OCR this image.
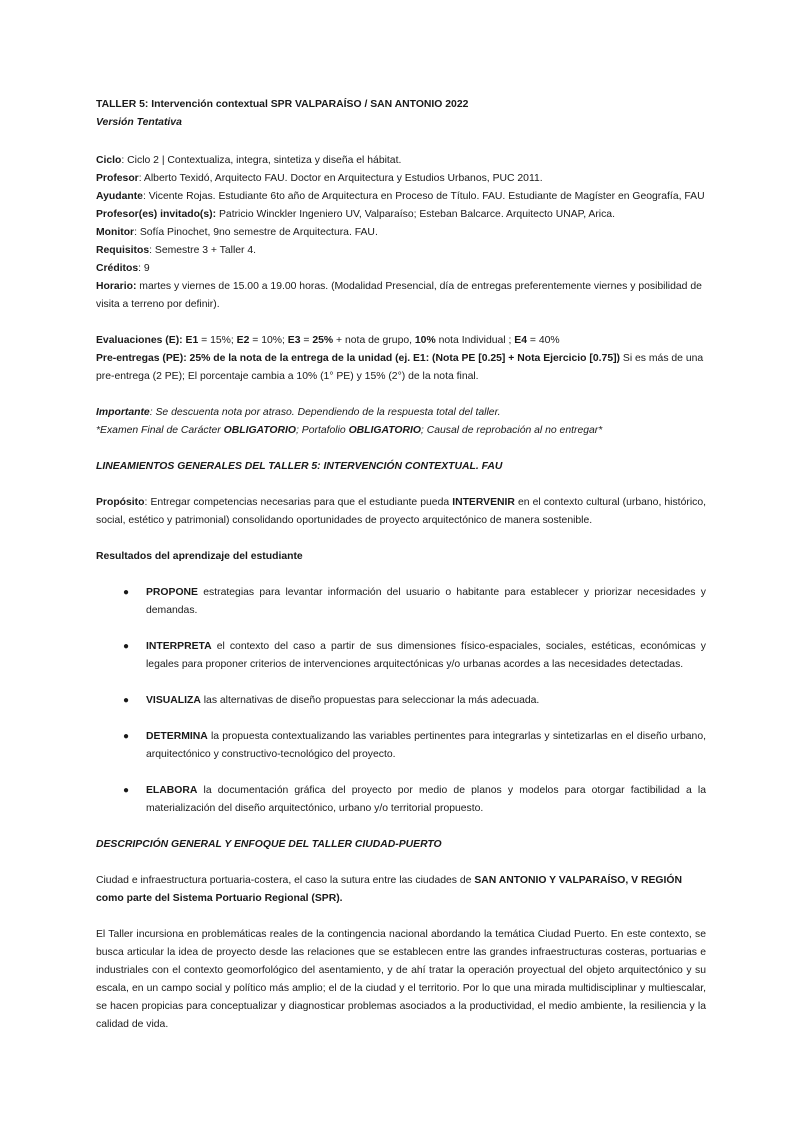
TALLER 5: Intervención contextual SPR VALPARAÍSO / SAN ANTONIO 2022
Versión Tentativa
Ciclo: Ciclo 2 | Contextualiza, integra, sintetiza y diseña el hábitat.
Profesor: Alberto Texidó, Arquitecto FAU. Doctor en Arquitectura y Estudios Urbanos, PUC 2011.
Ayudante: Vicente Rojas. Estudiante 6to año de Arquitectura en Proceso de Título. FAU. Estudiante de Magíster en Geografía, FAU
Profesor(es) invitado(s): Patricio Winckler Ingeniero UV, Valparaíso; Esteban Balcarce. Arquitecto UNAP, Arica.
Monitor: Sofía Pinochet, 9no semestre de Arquitectura. FAU.
Requisitos: Semestre 3 + Taller 4.
Créditos: 9
Horario: martes y viernes de 15.00 a 19.00 horas. (Modalidad Presencial, día de entregas preferentemente viernes y posibilidad de visita a terreno por definir).
Evaluaciones (E): E1 = 15%; E2 = 10%; E3 = 25% + nota de grupo, 10% nota Individual ; E4 = 40%
Pre-entregas (PE): 25% de la nota de la entrega de la unidad (ej. E1: (Nota PE [0.25] + Nota Ejercicio [0.75]) Si es más de una pre-entrega (2 PE); El porcentaje cambia a 10% (1° PE) y 15% (2°) de la nota final.
Importante: Se descuenta nota por atraso. Dependiendo de la respuesta total del taller.
*Examen Final de Carácter OBLIGATORIO; Portafolio OBLIGATORIO; Causal de reprobación al no entregar*
LINEAMIENTOS GENERALES DEL TALLER 5: INTERVENCIÓN CONTEXTUAL. FAU
Propósito: Entregar competencias necesarias para que el estudiante pueda INTERVENIR en el contexto cultural (urbano, histórico, social, estético y patrimonial) consolidando oportunidades de proyecto arquitectónico de manera sostenible.
Resultados del aprendizaje del estudiante
● PROPONE estrategias para levantar información del usuario o habitante para establecer y priorizar necesidades y demandas.
● INTERPRETA el contexto del caso a partir de sus dimensiones físico-espaciales, sociales, estéticas, económicas y legales para proponer criterios de intervenciones arquitectónicas y/o urbanas acordes a las necesidades detectadas.
● VISUALIZA las alternativas de diseño propuestas para seleccionar la más adecuada.
● DETERMINA la propuesta contextualizando las variables pertinentes para integrarlas y sintetizarlas en el diseño urbano, arquitectónico y constructivo-tecnológico del proyecto.
● ELABORA la documentación gráfica del proyecto por medio de planos y modelos para otorgar factibilidad a la materialización del diseño arquitectónico, urbano y/o territorial propuesto.
DESCRIPCIÓN GENERAL Y ENFOQUE DEL TALLER CIUDAD-PUERTO
Ciudad e infraestructura portuaria-costera, el caso la sutura entre las ciudades de SAN ANTONIO Y VALPARAÍSO, V REGIÓN como parte del Sistema Portuario Regional (SPR).
El Taller incursiona en problemáticas reales de la contingencia nacional abordando la temática Ciudad Puerto. En este contexto, se busca articular la idea de proyecto desde las relaciones que se establecen entre las grandes infraestructuras costeras, portuarias e industriales con el contexto geomorfológico del asentamiento, y de ahí tratar la operación proyectual del objeto arquitectónico y su escala, en un campo social y político más amplio; el de la ciudad y el territorio. Por lo que una mirada multidisciplinar y multiescalar, se hacen propicias para conceptualizar y diagnosticar problemas asociados a la productividad, el medio ambiente, la resiliencia y la calidad de vida.
